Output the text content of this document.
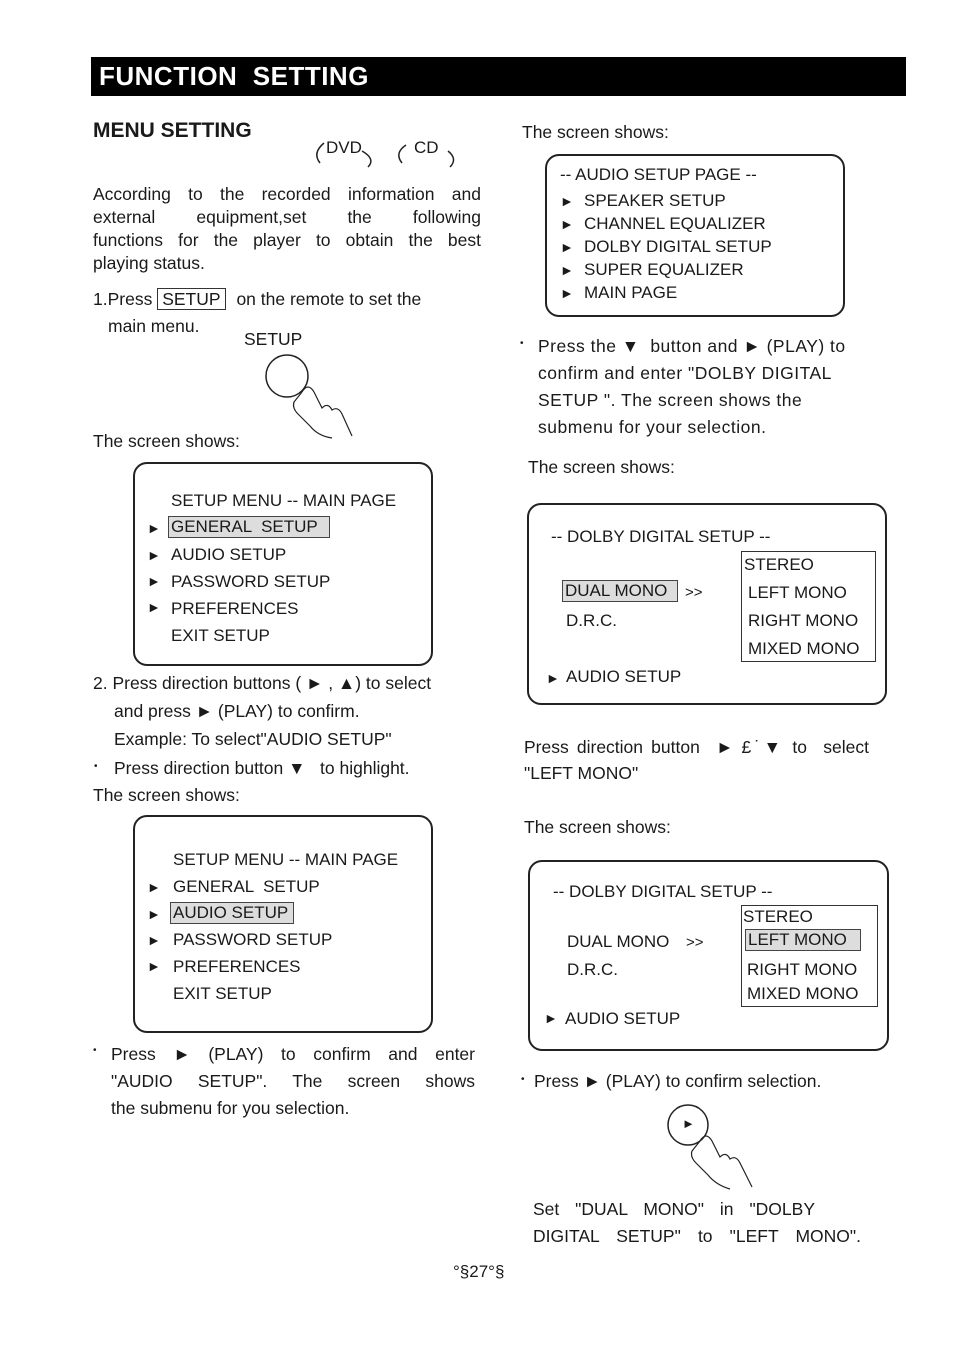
FUNCTION  SETTING
MENU SETTING
DVD	CD
According to the recorded information and
external equipment,set the following
functions for the player to obtain the best
playing status.
1.Press SETUP on the remote to set the
main menu.
SETUP
The screen shows:
SETUP MENU -- MAIN PAGE
► GENERAL  SETUP
► AUDIO SETUP
► PASSWORD SETUP
► PREFERENCES
EXIT SETUP
2. Press direction buttons ( ► , ▲) to select
and press ► (PLAY) to confirm.
Example: To select"AUDIO SETUP"
• Press direction button ▼   to highlight.
The screen shows:
SETUP MENU -- MAIN PAGE
► GENERAL  SETUP
► AUDIO SETUP
► PASSWORD SETUP
► PREFERENCES
EXIT SETUP
• Press ► (PLAY) to confirm and enter
"AUDIO SETUP". The screen shows
the submenu for you selection.
The screen shows:
-- AUDIO SETUP PAGE --
► SPEAKER SETUP
► CHANNEL EQUALIZER
► DOLBY DIGITAL SETUP
► SUPER EQUALIZER
► MAIN PAGE
• Press the ▼  button and ► (PLAY) to
confirm and enter "DOLBY DIGITAL
SETUP ". The screen shows the
submenu for your selection.
The screen shows:
-- DOLBY DIGITAL SETUP --
DUAL MONO	>>
D.R.C.
STEREO
LEFT MONO
RIGHT MONO
MIXED MONO
► AUDIO SETUP
Press direction button  ► £˙▼ to  select
"LEFT MONO"
The screen shows:
-- DOLBY DIGITAL SETUP --
DUAL MONO >>
D.R.C.
STEREO
LEFT MONO
RIGHT MONO
MIXED MONO
► AUDIO SETUP
• Press ► (PLAY) to confirm selection.
►
Set "DUAL MONO" in "DOLBY
DIGITAL SETUP" to "LEFT MONO".
°§27°§
